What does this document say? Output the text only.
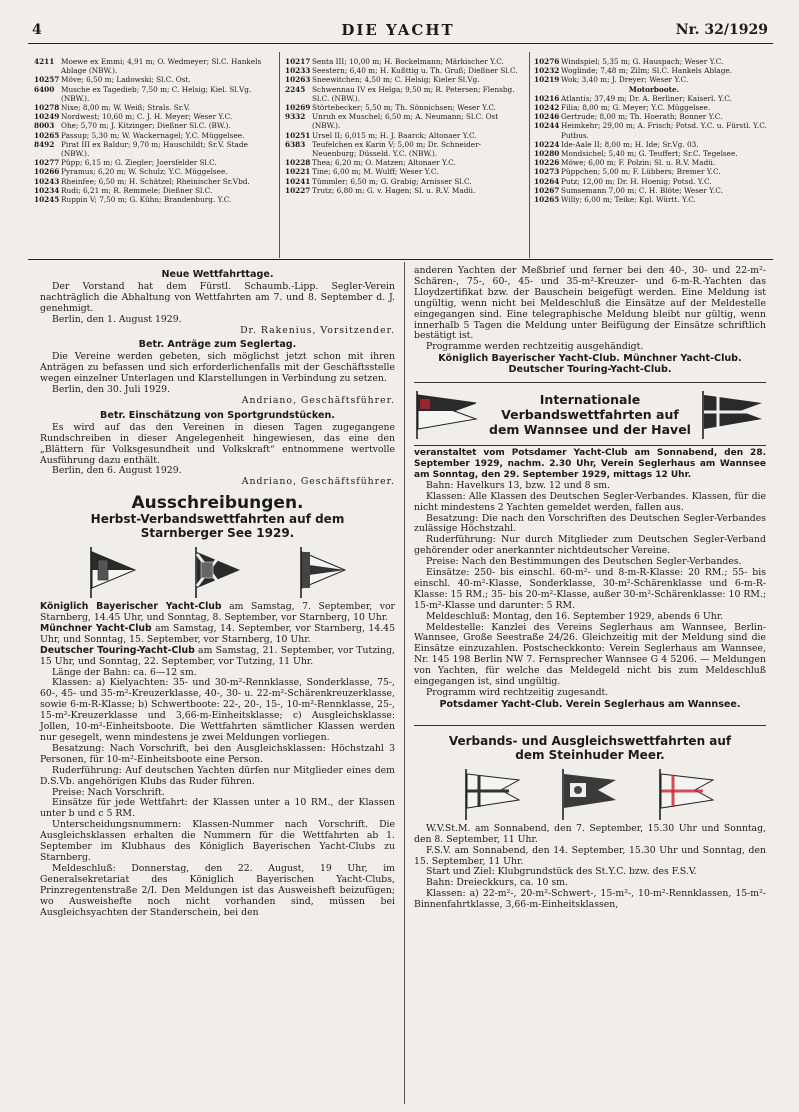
4	DIE YACHT	Nr. 32/1929
4211 Moewe ex Emmi; 4,91 m; O. Wedmeyer; Sl.C. Hankels Ablage (NBW.).
10257 Möve; 6,50 m; Ladowski; Sl.C. Ost.
6400 Musche ex Tagedieb; 7,50 m; C. Helsig; Kiel. Sl.Vg. (NBW.).
10278 Nixe; 8,00 m; W. Weiß; Strals. Sr.V.
10249 Nordwest; 10,60 m; C. J. H. Meyer; Weser Y.C.
8003 Ohe; 5,70 m; J. Kitzinger; Dießner Sl.C. (BW.).
10265 Passup; 5,30 m; W. Wackernagel; Y.C. Müggelsee.
8492 Pirat III ex Baldur; 9,70 m; Hauschildt; Sr.V. Stade (NBW.).
10277 Püpp; 6,15 m; G. Ziegler; Joersfelder Sl.C.
10266 Pyramus; 6,20 m; W. Schulz; Y.C. Müggelsee.
10243 Rheinfee; 6,50 m; H. Schätzel; Rheinischer Sr.Vbd.
10234 Rudi; 6,21 m; R. Remmele; Dießner Sl.C.
10245 Ruppin V; 7,50 m; G. Kühn; Brandenburg. Y.C.
10217 Senta III; 10,00 m; H. Bockelmann; Märkischer Y.C.
10233 Seestern; 6,40 m; H. Kußttig u. Th. Gruß; Dießner Sl.C.
10263 Sneewitchen; 4,50 m; C. Helsig; Kieler Sl.Vg.
2245 Schwennau IV ex Helga; 9,50 m; R. Petersen; Flensbg. Sl.C. (NBW.).
10269 Störtebecker; 5,50 m; Th. Sönnichsen; Weser Y.C.
9332 Unruh ex Muschel; 6,50 m; A. Neumann; Sl.C. Ost (NBW.).
10251 Ursel II; 6,015 m; H. J. Baarck; Altonaer Y.C.
6383 Teufelchen ex Karin V; 5,00 m; Dr. Schneider-Neuenburg; Düsseld. Y.C. (NBW.).
10228 Thea; 6,20 m; O. Matzen; Altonaer Y.C.
10221 Tine; 6,00 m; M. Wulff; Weser Y.C.
10241 Tümmler; 6,50 m; G. Grabig; Arnisser Sl.C.
10227 Trutz; 6,80 m; G. v. Hagen; Sl. u. R.V. Madü.
10276 Windspiel; 5,35 m; G. Hauspach; Weser Y.C.
10232 Woglinde; 7,48 m; Zilm; Sl.C. Hankels Ablage.
10219 Wok; 3,40 m; J. Dreyer; Weser Y.C.
Motorboote.
10216 Atlantis; 37,49 m; Dr. A. Berliner; Kaiserl. Y.C.
10242 Filia; 8,00 m; G. Meyer; Y.C. Müggelsee.
10246 Gertrude; 8,00 m; Th. Hoerath; Bonner Y.C.
10244 Heimkehr; 29,00 m; A. Frisch; Potsd. Y.C. u. Fürstl. Y.C. Putbus.
10224 Ide-Aale II; 8,00 m; H. Ide; Sr.Vg. 03.
10280 Mondsichel; 5,40 m; G. Teuffert; Sr.C. Tegelsee.
10226 Möwe; 6,00 m; F. Polzin; Sl. u. R.V. Madü.
10273 Püppchen; 5,00 m; F. Lübbers; Bremer Y.C.
10264 Putz; 12,00 m; Dr. H. Hoenig; Potsd. Y.C.
10267 Sumsemann 7,00 m; C. H. Blöte; Weser Y.C.
10265 Willy; 6,00 m; Teike; Kgl. Württ. Y.C.
Neue Wettfahrttage.

Der Vorstand hat dem Fürstl. Schaumb.-Lipp. Segler-Verein nachträglich die Abhaltung von Wettfahrten am 7. und 8. September d. J. genehmigt.

Berlin, den 1. August 1929.

Dr. Rakenius, Vorsitzender.
Betr. Anträge zum Seglertag.

Die Vereine werden gebeten, sich möglichst jetzt schon mit ihren Anträgen zu befassen und sich erforderlichenfalls mit der Geschäftsstelle wegen einzelner Unterlagen und Klarstellungen in Verbindung zu setzen.

Berlin, den 30. Juli 1929.

Andriano, Geschäftsführer.
Betr. Einschätzung von Sportgrundstücken.

Es wird auf das den Vereinen in diesen Tagen zugegangene Rundschreiben in dieser Angelegenheit hingewiesen, das eine den „Blättern für Volksgesundheit und Volkskraft“ entnommene wertvolle Ausführung dazu enthält.

Berlin, den 6. August 1929.

Andriano, Geschäftsführer.
Ausschreibungen.
Herbst-Verbandswettfahrten auf dem Starnberger See 1929.

Königlich Bayerischer Yacht-Club am Samstag, 7. September, vor Starnberg, 14.45 Uhr, und Sonntag, 8. September, vor Starnberg, 10 Uhr.

Münchner Yacht-Club am Samstag, 14. September, vor Starnberg, 14.45 Uhr, und Sonntag, 15. September, vor Starnberg, 10 Uhr.

Deutscher Touring-Yacht-Club am Samstag, 21. September, vor Tutzing, 15 Uhr, und Sonntag, 22. September, vor Tutzing, 11 Uhr.

Länge der Bahn: ca. 6—12 sm.

Klassen: a) Kielyachten: 35- und 30-m²-Rennklasse, Sonderklasse, 75-, 60-, 45- und 35-m²-Kreuzerklasse, 40-, 30- u. 22-m²-Schärenkreuzerklasse, sowie 6-m-R-Klasse; b) Schwertboote: 22-, 20-, 15-, 10-m²-Rennklasse, 25-, 15-m²-Kreuzerklasse und 3,66-m-Einheitsklasse; c) Ausgleichsklasse: Jollen, 10-m²-Einheitsboote. Die Wettfahrten sämtlicher Klassen werden nur gesegelt, wenn mindestens je zwei Meldungen vorliegen.

Besatzung: Nach Vorschrift, bei den Ausgleichsklassen: Höchstzahl 3 Personen, für 10-m²-Einheitsboote eine Person.

Ruderführung: Auf deutschen Yachten dürfen nur Mitglieder eines dem D.S.Vb. angehörigen Klubs das Ruder führen.

Preise: Nach Vorschrift.

Einsätze für jede Wettfahrt: der Klassen unter a 10 RM., der Klassen unter b und c 5 RM.

Unterscheidungsnummern: Klassen-Nummer nach Vorschrift. Die Ausgleichsklassen erhalten die Nummern für die Wettfahrten ab 1. September im Klubhaus des Königlich Bayerischen Yacht-Clubs zu Starnberg.

Meldeschluß: Donnerstag, den 22. August, 19 Uhr, im Generalsekretariat des Königlich Bayerischen Yacht-Clubs, Prinzregentenstraße 2/I. Den Meldungen ist das Ausweisheft beizufügen; wo Ausweishefte noch nicht vorhanden sind, müssen bei Ausgleichsyachten der Standerschein, bei den

anderen Yachten der Meßbrief und ferner bei den 40-, 30- und 22-m²-Schären-, 75-, 60-, 45- und 35-m²-Kreuzer- und 6-m-R.-Yachten das Lloydzertifikat bzw. der Bauschein beigefügt werden. Eine Meldung ist ungültig, wenn nicht bei Meldeschluß die Einsätze auf der Meldestelle eingegangen sind. Eine telegraphische Meldung bleibt nur gültig, wenn innerhalb 5 Tagen die Meldung unter Beifügung der Einsätze schriftlich bestätigt ist.

Programme werden rechtzeitig ausgehändigt.

Königlich Bayerischer Yacht-Club. Münchner Yacht-Club.
Deutscher Touring-Yacht-Club.
Internationale Verbandswettfahrten auf dem Wannsee und der Havel

veranstaltet vom Potsdamer Yacht-Club am Sonnabend, den 28. September 1929, nachm. 2.30 Uhr, Verein Seglerhaus am Wannsee am Sonntag, den 29. September 1929, mittags 12 Uhr.

Bahn: Havelkurs 13, bzw. 12 und 8 sm.

Klassen: Alle Klassen des Deutschen Segler-Verbandes. Klassen, für die nicht mindestens 2 Yachten gemeldet werden, fallen aus.

Besatzung: Die nach den Vorschriften des Deutschen Segler-Verbandes zulässige Höchstzahl.

Ruderführung: Nur durch Mitglieder zum Deutschen Segler-Verband gehörender oder anerkannter nichtdeutscher Vereine.

Preise: Nach den Bestimmungen des Deutschen Segler-Verbandes.

Einsätze: 250- bis einschl. 60-m²- und 8-m-R-Klasse: 20 RM.; 55- bis einschl. 40-m²-Klasse, Sonderklasse, 30-m²-Schärenklasse und 6-m-R-Klasse: 15 RM.; 35- bis 20-m²-Klasse, außer 30-m²-Schärenklasse: 10 RM.; 15-m²-Klasse und darunter: 5 RM.

Meldeschluß: Montag, den 16. September 1929, abends 6 Uhr.

Meldestelle: Kanzlei des Vereins Seglerhaus am Wannsee, Berlin-Wannsee, Große Seestraße 24/26. Gleichzeitig mit der Meldung sind die Einsätze einzuzahlen. Postscheckkonto: Verein Seglerhaus am Wannsee, Nr. 145 198 Berlin NW 7. Fernsprecher Wannsee G 4 5206. — Meldungen von Yachten, für welche das Meldegeld nicht bis zum Meldeschluß eingegangen ist, sind ungültig.

Programm wird rechtzeitig zugesandt.

Potsdamer Yacht-Club. Verein Seglerhaus am Wannsee.
Verbands- und Ausgleichswettfahrten auf dem Steinhuder Meer.

W.V.St.M. am Sonnabend, den 7. September, 15.30 Uhr und Sonntag, den 8. September, 11 Uhr.

F.S.V. am Sonnabend, den 14. September, 15.30 Uhr und Sonntag, den 15. September, 11 Uhr.

Start und Ziel: Klubgrundstück des St.Y.C. bzw. des F.S.V.

Bahn: Dreieckkurs, ca. 10 sm.

Klassen: a) 22-m²-, 20-m²-Schwert-, 15-m²-, 10-m²-Rennklassen, 15-m²-Binnenfahrtklasse, 3,66-m-Einheitsklassen,
